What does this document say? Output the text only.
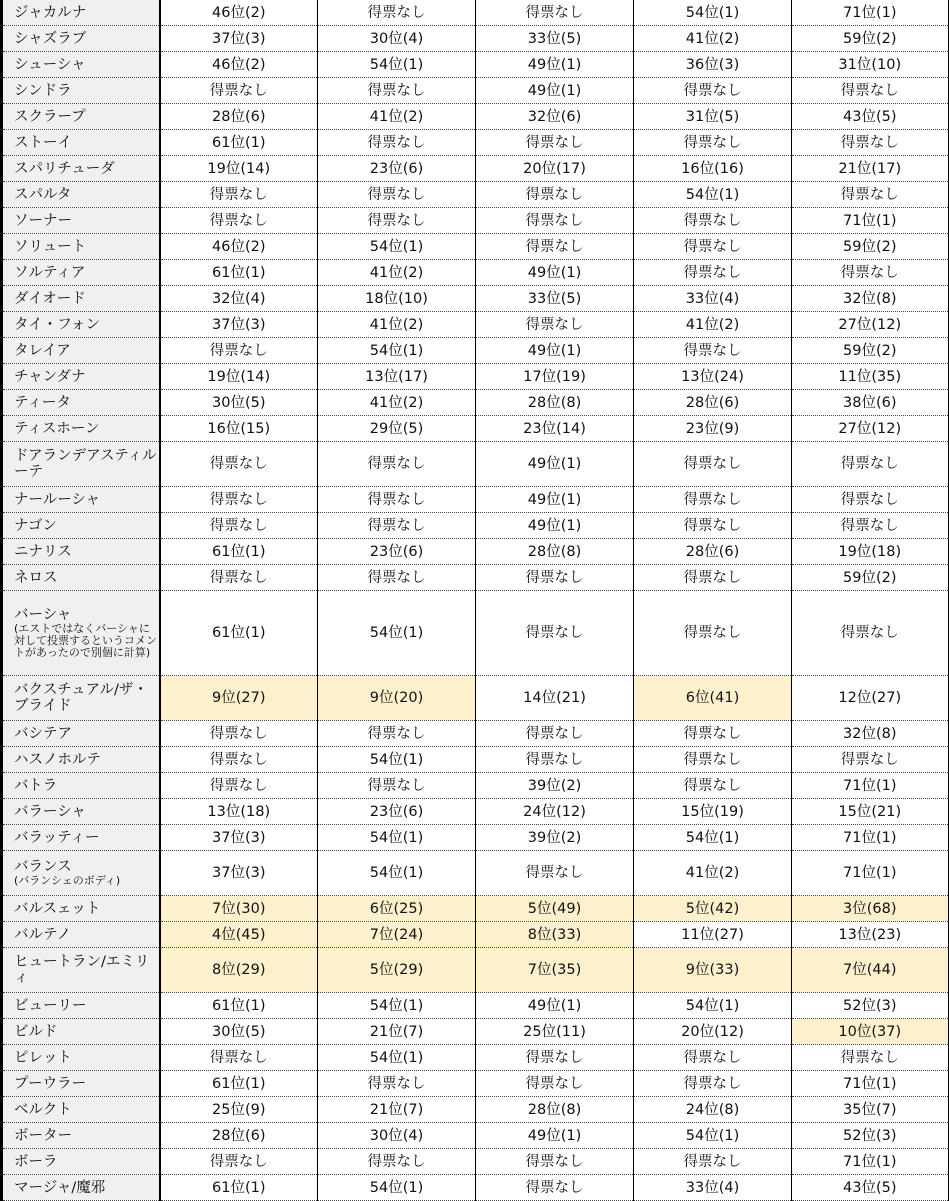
ジャカルナ	46位(2)	得票なし	得票なし	54位(1)	71位(1)

シャズラブ	37位(3)	30位(4)	33位(5)	41位(2)	59位(2)

シューシャ	46位(2)	54位(1)	49位(1)	36位(3)	31位(10)

シンドラ	得票なし	得票なし	49位(1)	得票なし	得票なし

スクラープ	28位(6)	41位(2)	32位(6)	31位(5)	43位(5)

ストーイ	61位(1)	得票なし	得票なし	得票なし	得票なし

スパリチューダ	19位(14)	23位(6)	20位(17)	16位(16)	21位(17)

スパルタ	得票なし	得票なし	得票なし	54位(1)	得票なし

ソーナー	得票なし	得票なし	得票なし	得票なし	71位(1)

ソリュート	46位(2)	54位(1)	得票なし	得票なし	59位(2)

ソルティア	61位(1)	41位(2)	49位(1)	得票なし	得票なし

ダイオード	32位(4)	18位(10)	33位(5)	33位(4)	32位(8)

タイ・フォン	37位(3)	41位(2)	得票なし	41位(2)	27位(12)

タレイア	得票なし	54位(1)	49位(1)	得票なし	59位(2)

チャンダナ	19位(14)	13位(17)	17位(19)	13位(24)	11位(35)

ティータ	30位(5)	41位(2)	28位(8)	28位(6)	38位(6)

ティスホーン	16位(15)	29位(5)	23位(14)	23位(9)	27位(12)

ドアランデアスティルーテ	得票なし	得票なし	49位(1)	得票なし	得票なし

ナールーシャ	得票なし	得票なし	49位(1)	得票なし	得票なし

ナゴン	得票なし	得票なし	49位(1)	得票なし	得票なし

ニナリス	61位(1)	23位(6)	28位(8)	28位(6)	19位(18)

ネロス	得票なし	得票なし	得票なし	得票なし	59位(2)

バーシャ
(エストではなくバーシャに対して投票するというコメントがあったので別個に計算)	61位(1)	54位(1)	得票なし	得票なし	得票なし

バクスチュアル/ザ・ブライド	9位(27)	9位(20)	14位(21)	6位(41)	12位(27)

バシテア	得票なし	得票なし	得票なし	得票なし	32位(8)

ハスノホルテ	得票なし	54位(1)	得票なし	得票なし	得票なし

バトラ	得票なし	得票なし	39位(2)	得票なし	71位(1)

バラーシャ	13位(18)	23位(6)	24位(12)	15位(19)	15位(21)

バラッティー	37位(3)	54位(1)	39位(2)	54位(1)	71位(1)

バランス
(バランシェのボディ)	37位(3)	54位(1)	得票なし	41位(2)	71位(1)

バルスェット	7位(30)	6位(25)	5位(49)	5位(42)	3位(68)

バルテノ	4位(45)	7位(24)	8位(33)	11位(27)	13位(23)

ヒュートラン/エミリィ	8位(29)	5位(29)	7位(35)	9位(33)	7位(44)

ビューリー	61位(1)	54位(1)	49位(1)	54位(1)	52位(3)

ビルド	30位(5)	21位(7)	25位(11)	20位(12)	10位(37)

ピレット	得票なし	54位(1)	得票なし	得票なし	得票なし

プーウラー	61位(1)	得票なし	得票なし	得票なし	71位(1)

ベルクト	25位(9)	21位(7)	28位(8)	24位(8)	35位(7)

ボーター	28位(6)	30位(4)	49位(1)	54位(1)	52位(3)

ボーラ	得票なし	得票なし	得票なし	得票なし	71位(1)

マージャ/魔邪	61位(1)	54位(1)	得票なし	33位(4)	43位(5)
